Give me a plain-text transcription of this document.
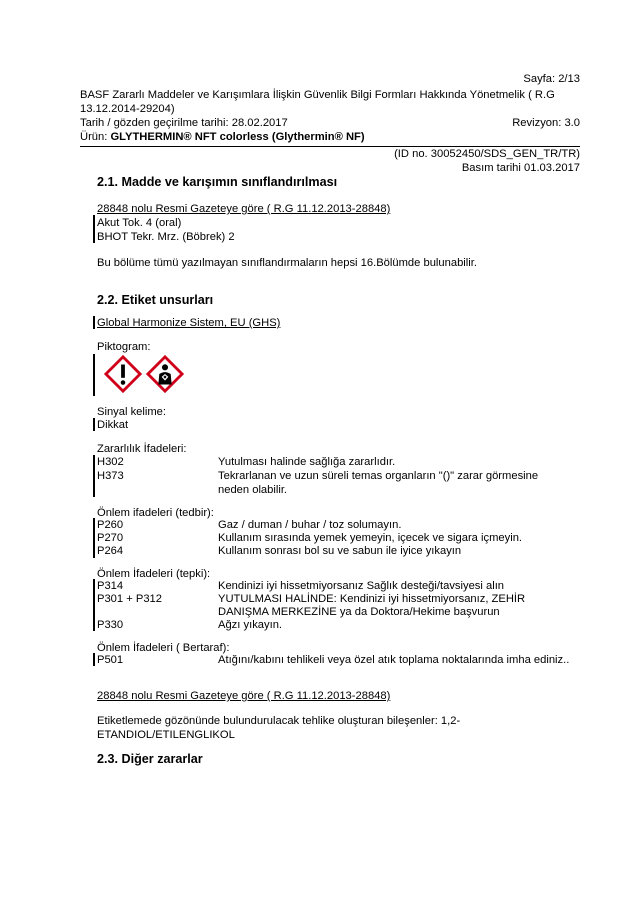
Sayfa: 2/13
BASF Zararlı Maddeler ve Karışımlara İlişkin Güvenlik Bilgi Formları Hakkında Yönetmelik ( R.G
13.12.2014-29204)
Tarih / gözden geçirilme tarihi: 28.02.2017	Revizyon: 3.0
Ürün: GLYTHERMIN® NFT colorless (Glythermin® NF)
(ID no. 30052450/SDS_GEN_TR/TR)
Basım tarihi 01.03.2017
2.1. Madde ve karışımın sınıflandırılması
28848 nolu Resmi Gazeteye göre ( R.G 11.12.2013-28848)
Akut Tok. 4 (oral)
BHOT Tekr. Mrz. (Böbrek) 2
Bu bölüme tümü yazılmayan sınıflandırmaların hepsi 16.Bölümde bulunabilir.
2.2. Etiket unsurları
Global Harmonize Sistem, EU (GHS)
Piktogram:
Sinyal kelime:
Dikkat
Zararlılık İfadeleri:
H302	Yutulması halinde sağlığa zararlıdır.
H373	Tekrarlanan ve uzun süreli temas organların "()" zarar görmesine
neden olabilir.
Önlem ifadeleri (tedbir):
P260	Gaz / duman / buhar / toz solumayın.
P270	Kullanım sırasında yemek yemeyin, içecek ve sigara içmeyin.
P264	Kullanım sonrası bol su ve sabun ile iyice yıkayın
Önlem İfadeleri (tepki):
P314	Kendinizi iyi hissetmiyorsanız Sağlık desteği/tavsiyesi alın
P301 + P312	YUTULMASI HALİNDE: Kendinizi iyi hissetmiyorsanız, ZEHİR
DANIŞMA MERKEZİNE ya da Doktora/Hekime başvurun
P330	Ağzı yıkayın.
Önlem İfadeleri ( Bertaraf):
P501	Atığını/kabını tehlikeli veya özel atık toplama noktalarında imha ediniz..
28848 nolu Resmi Gazeteye göre ( R.G 11.12.2013-28848)
Etiketlemede gözönünde bulundurulacak tehlike oluşturan bileşenler: 1,2-
ETANDIOL/ETILENGLIKOL
2.3. Diğer zararlar
